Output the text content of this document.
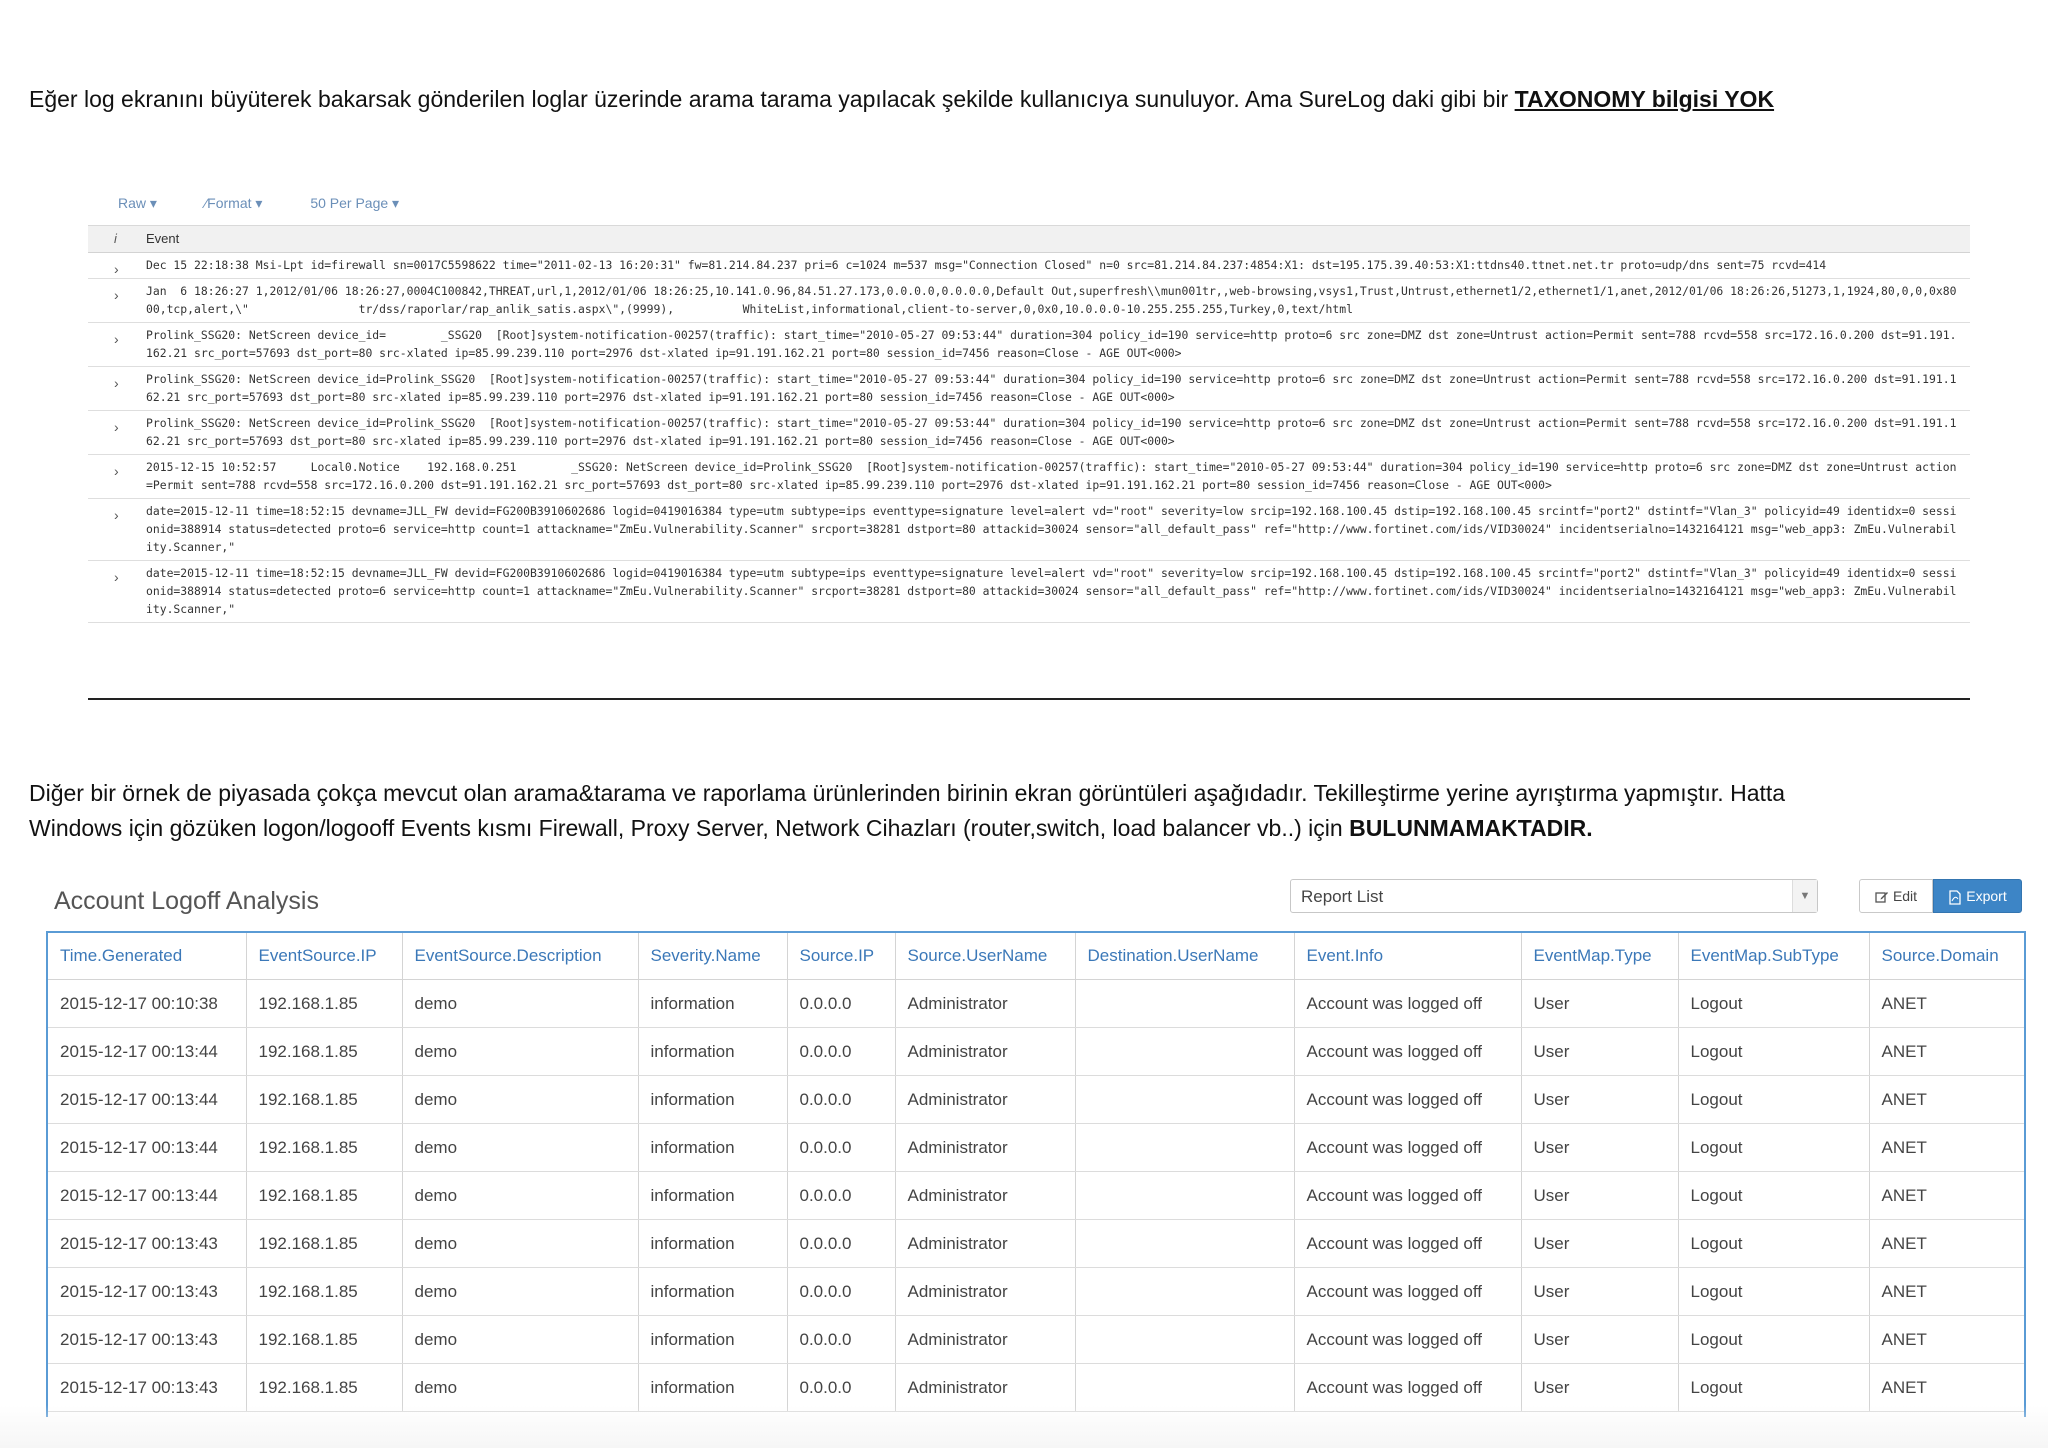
Eğer log ekranını büyüterek bakarsak gönderilen loglar üzerinde arama tarama yapılacak şekilde kullanıcıya sunuluyor. Ama SureLog daki gibi bir TAXONOMY bilgisi YOK
Raw ▾	⁄Format ▾	50 Per Page ▾
i Event
›	Dec 15 22:18:38 Msi-Lpt id=firewall sn=0017C5598622 time="2011-02-13 16:20:31" fw=81.214.84.237 pri=6 c=1024 m=537 msg="Connection Closed" n=0 src=81.214.84.237:4854:X1: dst=195.175.39.40:53:X1:ttdns40.ttnet.net.tr proto=udp/dns sent=75 rcvd=414
›	Jan  6 18:26:27 1,2012/01/06 18:26:27,0004C100842,THREAT,url,1,2012/01/06 18:26:25,10.141.0.96,84.51.27.173,0.0.0.0,0.0.0.0,Default Out,superfresh\\mun001tr,,web-browsing,vsys1,Trust,Untrust,ethernet1/2,ethernet1/1,anet,2012/01/06 18:26:26,51273,1,1924,80,0,0,0x8000,tcp,alert,\"                tr/dss/raporlar/rap_anlik_satis.aspx\",(9999),          WhiteList,informational,client-to-server,0,0x0,10.0.0.0-10.255.255.255,Turkey,0,text/html
›	Prolink_SSG20: NetScreen device_id=        _SSG20  [Root]system-notification-00257(traffic): start_time="2010-05-27 09:53:44" duration=304 policy_id=190 service=http proto=6 src zone=DMZ dst zone=Untrust action=Permit sent=788 rcvd=558 src=172.16.0.200 dst=91.191.162.21 src_port=57693 dst_port=80 src-xlated ip=85.99.239.110 port=2976 dst-xlated ip=91.191.162.21 port=80 session_id=7456 reason=Close - AGE OUT<000>
›	Prolink_SSG20: NetScreen device_id=Prolink_SSG20  [Root]system-notification-00257(traffic): start_time="2010-05-27 09:53:44" duration=304 policy_id=190 service=http proto=6 src zone=DMZ dst zone=Untrust action=Permit sent=788 rcvd=558 src=172.16.0.200 dst=91.191.162.21 src_port=57693 dst_port=80 src-xlated ip=85.99.239.110 port=2976 dst-xlated ip=91.191.162.21 port=80 session_id=7456 reason=Close - AGE OUT<000>
›	Prolink_SSG20: NetScreen device_id=Prolink_SSG20  [Root]system-notification-00257(traffic): start_time="2010-05-27 09:53:44" duration=304 policy_id=190 service=http proto=6 src zone=DMZ dst zone=Untrust action=Permit sent=788 rcvd=558 src=172.16.0.200 dst=91.191.162.21 src_port=57693 dst_port=80 src-xlated ip=85.99.239.110 port=2976 dst-xlated ip=91.191.162.21 port=80 session_id=7456 reason=Close - AGE OUT<000>
›	2015-12-15 10:52:57     Local0.Notice    192.168.0.251        _SSG20: NetScreen device_id=Prolink_SSG20  [Root]system-notification-00257(traffic): start_time="2010-05-27 09:53:44" duration=304 policy_id=190 service=http proto=6 src zone=DMZ dst zone=Untrust action=Permit sent=788 rcvd=558 src=172.16.0.200 dst=91.191.162.21 src_port=57693 dst_port=80 src-xlated ip=85.99.239.110 port=2976 dst-xlated ip=91.191.162.21 port=80 session_id=7456 reason=Close - AGE OUT<000>
›	date=2015-12-11 time=18:52:15 devname=JLL_FW devid=FG200B3910602686 logid=0419016384 type=utm subtype=ips eventtype=signature level=alert vd="root" severity=low srcip=192.168.100.45 dstip=192.168.100.45 srcintf="port2" dstintf="Vlan_3" policyid=49 identidx=0 sessionid=388914 status=detected proto=6 service=http count=1 attackname="ZmEu.Vulnerability.Scanner" srcport=38281 dstport=80 attackid=30024 sensor="all_default_pass" ref="http://www.fortinet.com/ids/VID30024" incidentserialno=1432164121 msg="web_app3: ZmEu.Vulnerability.Scanner,"
›	date=2015-12-11 time=18:52:15 devname=JLL_FW devid=FG200B3910602686 logid=0419016384 type=utm subtype=ips eventtype=signature level=alert vd="root" severity=low srcip=192.168.100.45 dstip=192.168.100.45 srcintf="port2" dstintf="Vlan_3" policyid=49 identidx=0 sessionid=388914 status=detected proto=6 service=http count=1 attackname="ZmEu.Vulnerability.Scanner" srcport=38281 dstport=80 attackid=30024 sensor="all_default_pass" ref="http://www.fortinet.com/ids/VID30024" incidentserialno=1432164121 msg="web_app3: ZmEu.Vulnerability.Scanner,"
Diğer bir örnek de piyasada çokça mevcut olan arama&tarama ve raporlama ürünlerinden birinin ekran görüntüleri aşağıdadır. Tekilleştirme yerine ayrıştırma yapmıştır. Hatta
Windows için gözüken logon/logooff Events kısmı Firewall, Proxy Server, Network Cihazları (router,switch, load balancer vb..) için BULUNMAMAKTADIR.
Account Logoff Analysis	Report List	▼	Edit	Export
Time.Generated	EventSource.IP	EventSource.Description	Severity.Name	Source.IP	Source.UserName	Destination.UserName	Event.Info	EventMap.Type	EventMap.SubType	Source.Domain
2015-12-17 00:10:38	192.168.1.85	demo	information	0.0.0.0	Administrator		Account was logged off	User	Logout	ANET
2015-12-17 00:13:44	192.168.1.85	demo	information	0.0.0.0	Administrator		Account was logged off	User	Logout	ANET
2015-12-17 00:13:44	192.168.1.85	demo	information	0.0.0.0	Administrator		Account was logged off	User	Logout	ANET
2015-12-17 00:13:44	192.168.1.85	demo	information	0.0.0.0	Administrator		Account was logged off	User	Logout	ANET
2015-12-17 00:13:44	192.168.1.85	demo	information	0.0.0.0	Administrator		Account was logged off	User	Logout	ANET
2015-12-17 00:13:43	192.168.1.85	demo	information	0.0.0.0	Administrator		Account was logged off	User	Logout	ANET
2015-12-17 00:13:43	192.168.1.85	demo	information	0.0.0.0	Administrator		Account was logged off	User	Logout	ANET
2015-12-17 00:13:43	192.168.1.85	demo	information	0.0.0.0	Administrator		Account was logged off	User	Logout	ANET
2015-12-17 00:13:43	192.168.1.85	demo	information	0.0.0.0	Administrator		Account was logged off	User	Logout	ANET
